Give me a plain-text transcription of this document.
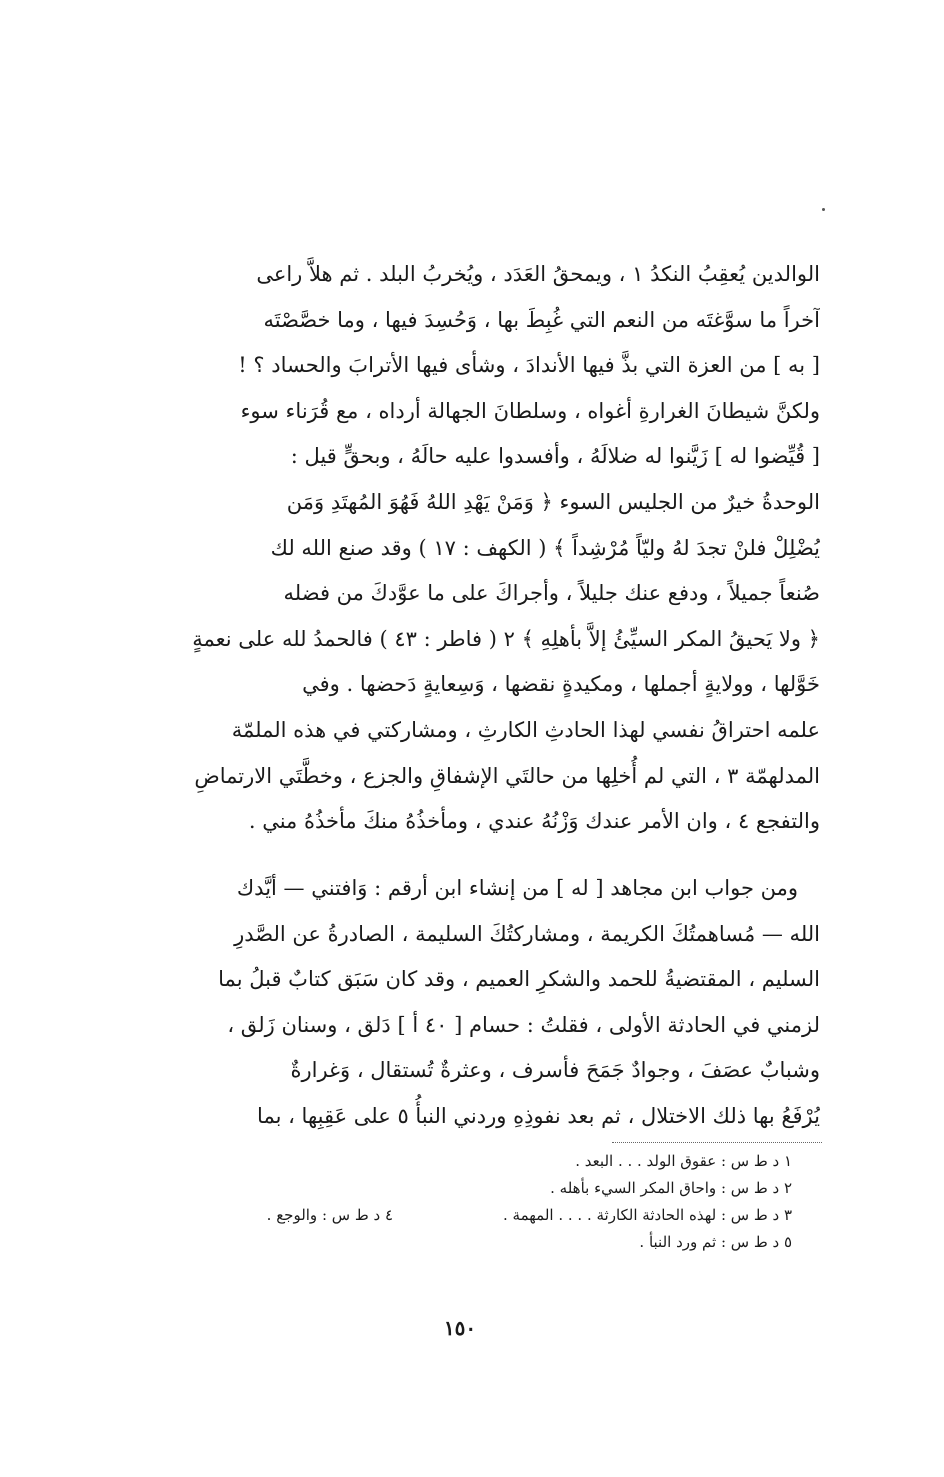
الوالدين يُعقِبُ النكدُ ١ ، ويمحقُ العَدَد ، ويُخربُ البلد . ثم هلاَّ راعى
آخراً ما سوَّغتَه من النعم التي غُبِطَ بها ، وَحُسِدَ فيها ، وما خصَّصْتَه
[ به ] من العزة التي بذَّ فيها الأندادَ ، وشأى فيها الأترابَ والحساد ؟ !
ولكنَّ شيطانَ الغرارةِ أغواه ، وسلطانَ الجهالة أرداه ، مع قُرَناء سوء
[ قُيِّضوا له ] زَيَّنوا له ضلالَهُ ، وأفسدوا عليه حالَهُ ، وبحقٍّ قيل :
الوحدةُ خيرٌ من الجليس السوء ﴿ وَمَنْ يَهْدِ اللهُ فَهُوَ المُهتَدِ وَمَن
يُضْلِلْ فلنْ تجدَ لهُ وليّاً مُرْشِداً ﴾ ( الكهف : ١٧ ) وقد صنع الله لك
صُنعاً جميلاً ، ودفع عنك جليلاً ، وأجراكَ على ما عوَّدكَ من فضله
﴿ ولا يَحيقُ المكر السيِّئُ إلاَّ بأهلِهِ ﴾ ٢ ( فاطر : ٤٣ ) فالحمدُ لله على نعمةٍ
خَوَّلها ، وولايةٍ أجملها ، ومكيدةٍ نقضها ، وَسِعايةٍ دَحضها . وفي
علمه احتراقُ نفسي لهذا الحادثِ الكارثِ ، ومشاركتي في هذه الملمّة
المدلهمّة ٣ ، التي لم أُخلِها من حالتَي الإشفاقِ والجزع ، وخطَّتَي الارتماضِ
والتفجع ٤ ، وان الأمر عندك وَزْنُهُ عندي ، ومأخذُهُ منكَ مأخذُهُ مني .
ومن جواب ابن مجاهد [ له ] من إنشاء ابن أرقم : وَافتني — أيَّدك
الله — مُساهمتُكَ الكريمة ، ومشاركتُكَ السليمة ، الصادرةُ عن الصَّدرِ
السليم ، المقتضيةُ للحمد والشكرِ العميم ، وقد كان سَبَق كتابٌ قبلُ بما
لزمني في الحادثة الأولى ، فقلتُ : حسام [ ٤٠ أ ] دَلق ، وسنان زَلق ،
وشبابٌ عصَفَ ، وجوادٌ جَمَحَ فأسرف ، وعثرةٌ تُستقال ، وَغرارةٌ
يُرْفَعُ بها ذلك الاختلال ، ثم بعد نفوذِهِ وردني النبأُ ٥ على عَقِبِها ، بما
١ د ط س : عقوق الولد . . . البعد .
٢ د ط س : واحاق المكر السيء بأهله .
٣ د ط س : لهذه الحادثة الكارثة . . . . المهمة .
٤ د ط س : والوجع .
٥ د ط س : ثم ورد النبأ .
١٥٠
